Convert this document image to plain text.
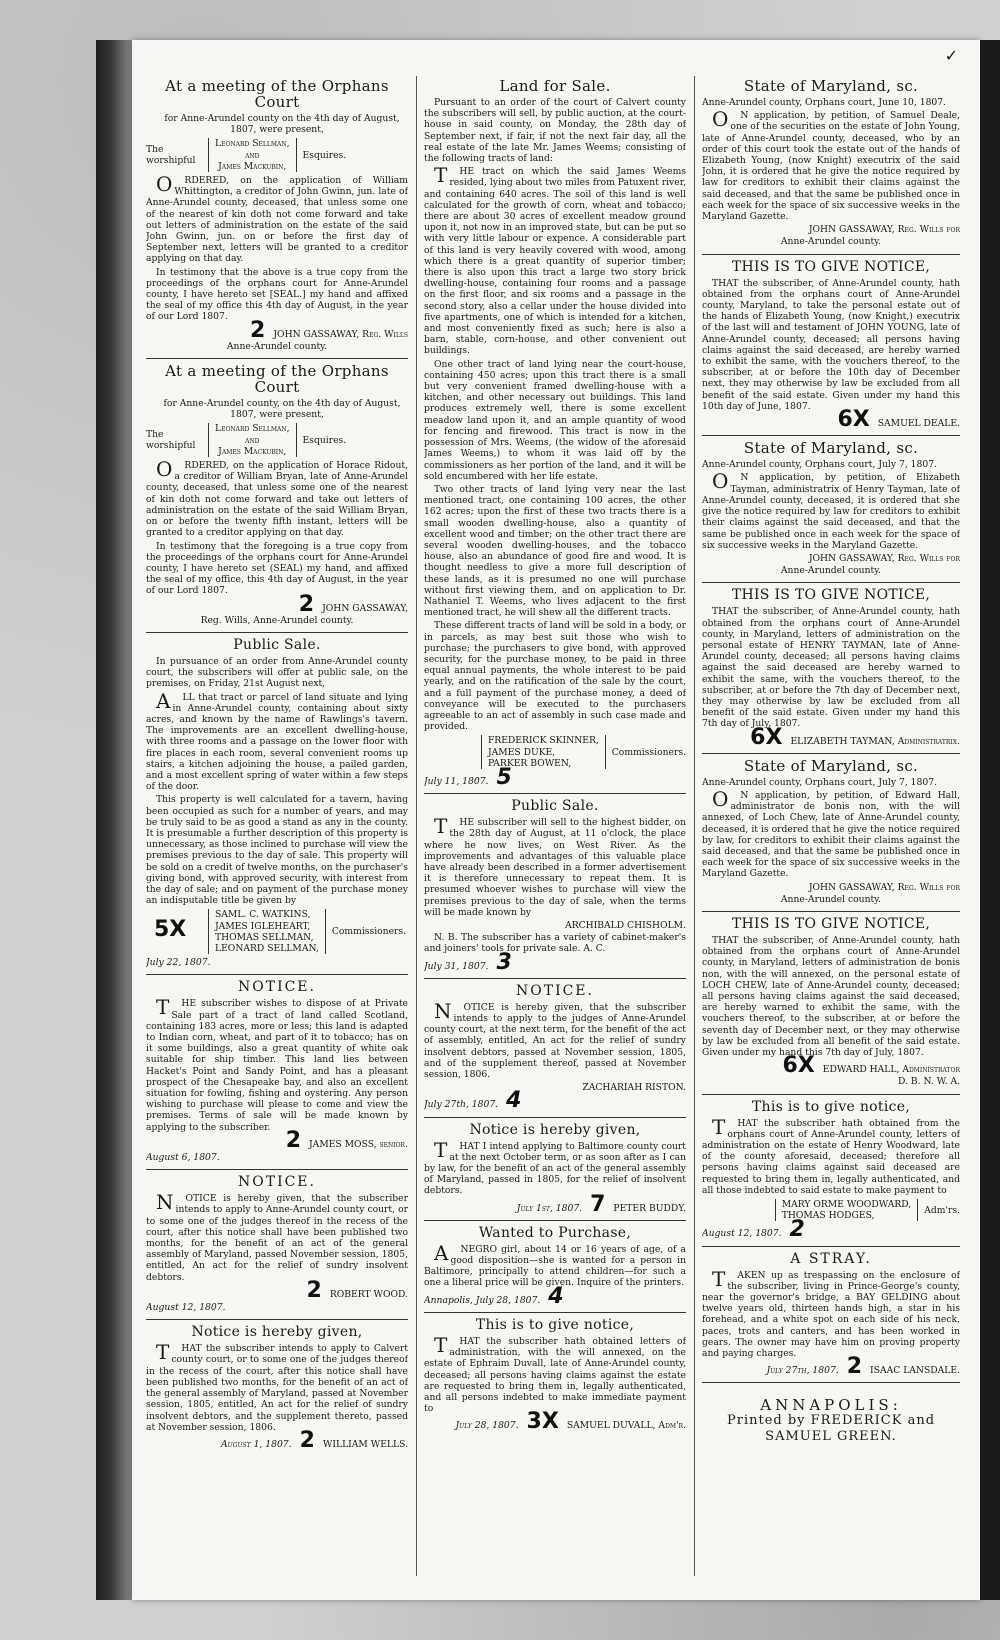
✓
At a meeting of the Orphans Court

for Anne-Arundel county on the 4th day of August, 1807, were present,

The worshipful
Leonard Sellman,
and
James Mackubin,
Esquires.

ORDERED, on the application of William Whittington, a creditor of John Gwinn, jun. late of Anne-Arundel county, deceased, that unless some one of the nearest of kin doth not come forward and take out letters of administration on the estate of the said John Gwinn, jun. on or before the first day of September next, letters will be granted to a creditor applying on that day.

In testimony that the above is a true copy from the proceedings of the orphans court for Anne-Arundel county, I have hereto set [SEAL.] my hand and affixed the seal of my office this 4th day of August, in the year of our Lord 1807.

2 JOHN GASSAWAY, Reg. Wills
Anne-Arundel county.
At a meeting of the Orphans Court

for Anne-Arundel county, on the 4th day of August, 1807, were present,

The worshipful
Leonard Sellman,
and
James Mackubin,
Esquires.

ORDERED, on the application of Horace Ridout, a creditor of William Bryan, late of Anne-Arundel county, deceased, that unless some one of the nearest of kin doth not come forward and take out letters of administration on the estate of the said William Bryan, on or before the twenty fifth instant, letters will be granted to a creditor applying on that day.

In testimony that the foregoing is a true copy from the proceedings of the orphans court for Anne-Arundel county, I have hereto set (SEAL) my hand, and affixed the seal of my office, this 4th day of August, in the year of our Lord 1807.

2 JOHN GASSAWAY,
Reg. Wills, Anne-Arundel county.
Public Sale.

In pursuance of an order from Anne-Arundel county court, the subscribers will offer at public sale, on the premises, on Friday, 21st August next,

ALL that tract or parcel of land situate and lying in Anne-Arundel county, containing about sixty acres, and known by the name of Rawlings's tavern. The improvements are an excellent dwelling-house, with three rooms and a passage on the lower floor with fire places in each room, several convenient rooms up stairs, a kitchen adjoining the house, a pailed garden, and a most excellent spring of water within a few steps of the door.

This property is well calculated for a tavern, having been occupied as such for a number of years, and may be truly said to be as good a stand as any in the county. It is presumable a further description of this property is unnecessary, as those inclined to purchase will view the premises previous to the day of sale. This property will be sold on a credit of twelve months, on the purchaser's giving bond, with approved security, with interest from the day of sale; and on payment of the purchase money an indisputable title be given by

5X
SAML. C. WATKINS,
JAMES IGLEHEART,
THOMAS SELLMAN,
LEONARD SELLMAN,
Commissioners.
July 22, 1807.
NOTICE.

THE subscriber wishes to dispose of at Private Sale part of a tract of land called Scotland, containing 183 acres, more or less; this land is adapted to Indian corn, wheat, and part of it to tobacco; has on it some buildings, also a great quantity of white oak suitable for ship timber. This land lies between Hacket's Point and Sandy Point, and has a pleasant prospect of the Chesapeake bay, and also an excellent situation for fowling, fishing and oystering. Any person wishing to purchase will please to come and view the premises. Terms of sale will be made known by applying to the subscriber.

2 JAMES MOSS, senior.
August 6, 1807.
NOTICE.

NOTICE is hereby given, that the subscriber intends to apply to Anne-Arundel county court, or to some one of the judges thereof in the recess of the court, after this notice shall have been published two months, for the benefit of an act of the general assembly of Maryland, passed November session, 1805, entitled, An act for the relief of sundry insolvent debtors.

2 ROBERT WOOD.
August 12, 1807.
Notice is hereby given,

THAT the subscriber intends to apply to Calvert county court, or to some one of the judges thereof in the recess of the court, after this notice shall have been published two months, for the benefit of an act of the general assembly of Maryland, passed at November session, 1805, entitled, An act for the relief of sundry insolvent debtors, and the supplement thereto, passed at November session, 1806.

August 1, 1807. 2 WILLIAM WELLS.
Land for Sale.

Pursuant to an order of the court of Calvert county the subscribers will sell, by public auction, at the court-house in said county, on Monday, the 28th day of September next, if fair, if not the next fair day, all the real estate of the late Mr. James Weems; consisting of the following tracts of land:

THE tract on which the said James Weems resided, lying about two miles from Patuxent river, and containing 640 acres. The soil of this land is well calculated for the growth of corn, wheat and tobacco; there are about 30 acres of excellent meadow ground upon it, not now in an improved state, but can be put so with very little labour or expence. A considerable part of this land is very heavily covered with wood, among which there is a great quantity of superior timber; there is also upon this tract a large two story brick dwelling-house, containing four rooms and a passage on the first floor, and six rooms and a passage in the second story, also a cellar under the house divided into five apartments, one of which is intended for a kitchen, and most conveniently fixed as such; here is also a barn, stable, corn-house, and other convenient out buildings.

One other tract of land lying near the court-house, containing 450 acres; upon this tract there is a small but very convenient framed dwelling-house with a kitchen, and other necessary out buildings. This land produces extremely well, there is some excellent meadow land upon it, and an ample quantity of wood for fencing and firewood. This tract is now in the possession of Mrs. Weems, (the widow of the aforesaid James Weems,) to whom it was laid off by the commissioners as her portion of the land, and it will be sold encumbered with her life estate.

Two other tracts of land lying very near the last mentioned tract, one containing 100 acres, the other 162 acres; upon the first of these two tracts there is a small wooden dwelling-house, also a quantity of excellent wood and timber; on the other tract there are several wooden dwelling-houses, and the tobacco house, also an abundance of good fire and wood. It is thought needless to give a more full description of these lands, as it is presumed no one will purchase without first viewing them, and on application to Dr. Nathaniel T. Weems, who lives adjacent to the first mentioned tract, he will shew all the different tracts.

These different tracts of land will be sold in a body, or in parcels, as may best suit those who wish to purchase; the purchasers to give bond, with approved security, for the purchase money, to be paid in three equal annual payments, the whole interest to be paid yearly, and on the ratification of the sale by the court, and a full payment of the purchase money, a deed of conveyance will be executed to the purchasers agreeable to an act of assembly in such case made and provided.

FREDERICK SKINNER,
JAMES DUKE,
PARKER BOWEN,
Commissioners.
July 11, 1807. 5
Public Sale.

THE subscriber will sell to the highest bidder, on the 28th day of August, at 11 o'clock, the place where he now lives, on West River. As the improvements and advantages of this valuable place have already been described in a former advertisement it is therefore unnecessary to repeat them. It is presumed whoever wishes to purchase will view the premises previous to the day of sale, when the terms will be made known by

ARCHIBALD CHISHOLM.

N. B. The subscriber has a variety of cabinet-maker's and joiners' tools for private sale. A. C.

July 31, 1807. 3
NOTICE.

NOTICE is hereby given, that the subscriber intends to apply to the judges of Anne-Arundel county court, at the next term, for the benefit of the act of assembly, entitled, An act for the relief of sundry insolvent debtors, passed at November session, 1805, and of the supplement thereof, passed at November session, 1806.

ZACHARIAH RISTON.
July 27th, 1807. 4
Notice is hereby given,

THAT I intend applying to Baltimore county court at the next October term, or as soon after as I can by law, for the benefit of an act of the general assembly of Maryland, passed in 1805, for the relief of insolvent debtors.

July 1st, 1807. 7 PETER BUDDY.
Wanted to Purchase,

ANEGRO girl, about 14 or 16 years of age, of a good disposition—she is wanted for a person in Baltimore, principally to attend children—for such a one a liberal price will be given. Inquire of the printers.

Annapolis, July 28, 1807. 4
This is to give notice,

THAT the subscriber hath obtained letters of administration, with the will annexed, on the estate of Ephraim Duvall, late of Anne-Arundel county, deceased; all persons having claims against the estate are requested to bring them in, legally authenticated, and all persons indebted to make immediate payment to

July 28, 1807. 3X SAMUEL DUVALL, Adm'r.
State of Maryland, sc.

Anne-Arundel county, Orphans court, June 10, 1807.

ON application, by petition, of Samuel Deale, one of the securities on the estate of John Young, late of Anne-Arundel county, deceased, who by an order of this court took the estate out of the hands of Elizabeth Young, (now Knight) executrix of the said John, it is ordered that he give the notice required by law for creditors to exhibit their claims against the said deceased, and that the same be published once in each week for the space of six successive weeks in the Maryland Gazette.

JOHN GASSAWAY, Reg. Wills for
Anne-Arundel county.
THIS IS TO GIVE NOTICE,

THAT the subscriber, of Anne-Arundel county, hath obtained from the orphans court of Anne-Arundel county, Maryland, to take the personal estate out of the hands of Elizabeth Young, (now Knight,) executrix of the last will and testament of JOHN YOUNG, late of Anne-Arundel county, deceased; all persons having claims against the said deceased, are hereby warned to exhibit the same, with the vouchers thereof, to the subscriber, at or before the 10th day of December next, they may otherwise by law be excluded from all benefit of the said estate. Given under my hand this 10th day of June, 1807.

6X SAMUEL DEALE.
State of Maryland, sc.

Anne-Arundel county, Orphans court, July 7, 1807.

ON application, by petition, of Elizabeth Tayman, administratrix of Henry Tayman, late of Anne-Arundel county, deceased, it is ordered that she give the notice required by law for creditors to exhibit their claims against the said deceased, and that the same be published once in each week for the space of six successive weeks in the Maryland Gazette.

JOHN GASSAWAY, Reg. Wills for
Anne-Arundel county.
THIS IS TO GIVE NOTICE,

THAT the subscriber, of Anne-Arundel county, hath obtained from the orphans court of Anne-Arundel county, in Maryland, letters of administration on the personal estate of HENRY TAYMAN, late of Anne-Arundel county, deceased; all persons having claims against the said deceased are hereby warned to exhibit the same, with the vouchers thereof, to the subscriber, at or before the 7th day of December next, they may otherwise by law be excluded from all benefit of the said estate. Given under my hand this 7th day of July, 1807.

6X ELIZABETH TAYMAN, Administratrix.
State of Maryland, sc.

Anne-Arundel county, Orphans court, July 7, 1807.

ON application, by petition, of Edward Hall, administrator de bonis non, with the will annexed, of Loch Chew, late of Anne-Arundel county, deceased, it is ordered that he give the notice required by law, for creditors to exhibit their claims against the said deceased, and that the same be published once in each week for the space of six successive weeks in the Maryland Gazette.

JOHN GASSAWAY, Reg. Wills for
Anne-Arundel county.
THIS IS TO GIVE NOTICE,

THAT the subscriber, of Anne-Arundel county, hath obtained from the orphans court of Anne-Arundel county, in Maryland, letters of administration de bonis non, with the will annexed, on the personal estate of LOCH CHEW, late of Anne-Arundel county, deceased; all persons having claims against the said deceased, are hereby warned to exhibit the same, with the vouchers thereof, to the subscriber, at or before the seventh day of December next, or they may otherwise by law be excluded from all benefit of the said estate. Given under my hand this 7th day of July, 1807.

6X EDWARD HALL, Administrator
D. B. N. W. A.
This is to give notice,

THAT the subscriber hath obtained from the orphans court of Anne-Arundel county, letters of administration on the estate of Henry Woodward, late of the county aforesaid, deceased; therefore all persons having claims against said deceased are requested to bring them in, legally authenticated, and all those indebted to said estate to make payment to

MARY ORME WOODWARD,
THOMAS HODGES,
Adm'rs.
August 12, 1807. 2
A STRAY.

TAKEN up as trespassing on the enclosure of the subscriber, living in Prince-George's county, near the governor's bridge, a BAY GELDING about twelve years old, thirteen hands high, a star in his forehead, and a white spot on each side of his neck, paces, trots and canters, and has been worked in gears. The owner may have him on proving property and paying charges.

July 27th, 1807. 2 ISAAC LANSDALE.
ANNAPOLIS:
Printed by FREDERICK and SAMUEL GREEN.
